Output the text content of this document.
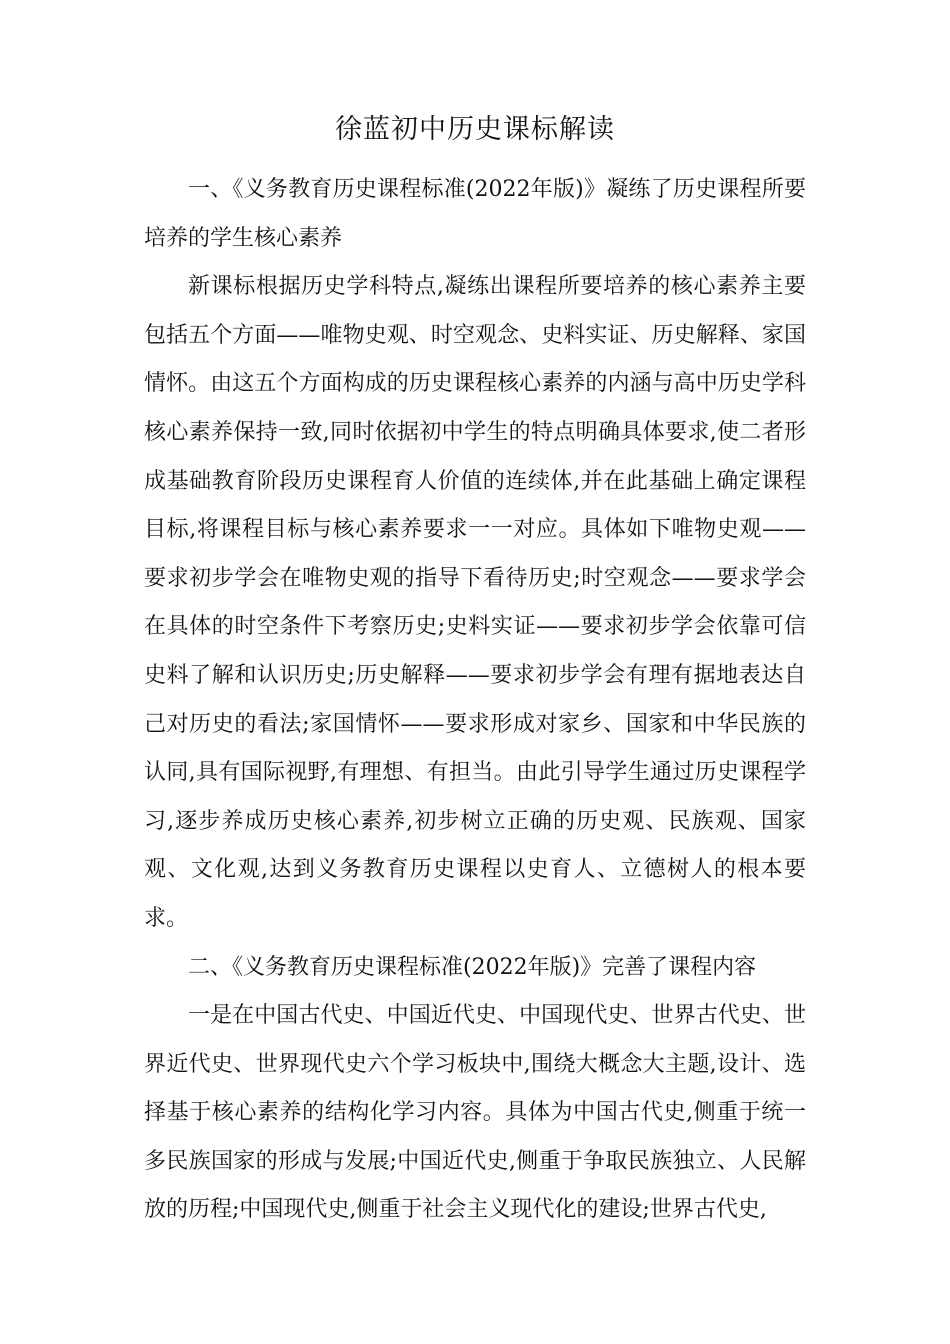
徐蓝初中历史课标解读

一、《义务教育历史课程标准(2022年版)》凝练了历史课程所要培养的学生核心素养

新课标根据历史学科特点,凝练出课程所要培养的核心素养主要包括五个方面——唯物史观、时空观念、史料实证、历史解释、家国情怀。由这五个方面构成的历史课程核心素养的内涵与高中历史学科核心素养保持一致,同时依据初中学生的特点明确具体要求,使二者形成基础教育阶段历史课程育人价值的连续体,并在此基础上确定课程目标,将课程目标与核心素养要求一一对应。具体如下唯物史观——要求初步学会在唯物史观的指导下看待历史;时空观念——要求学会在具体的时空条件下考察历史;史料实证——要求初步学会依靠可信史料了解和认识历史;历史解释——要求初步学会有理有据地表达自己对历史的看法;家国情怀——要求形成对家乡、国家和中华民族的认同,具有国际视野,有理想、有担当。由此引导学生通过历史课程学习,逐步养成历史核心素养,初步树立正确的历史观、民族观、国家观、文化观,达到义务教育历史课程以史育人、立德树人的根本要求。

二、《义务教育历史课程标准(2022年版)》完善了课程内容

一是在中国古代史、中国近代史、中国现代史、世界古代史、世界近代史、世界现代史六个学习板块中,围绕大概念大主题,设计、选择基于核心素养的结构化学习内容。具体为中国古代史,侧重于统一多民族国家的形成与发展;中国近代史,侧重于争取民族独立、人民解放的历程;中国现代史,侧重于社会主义现代化的建设;世界古代史,
